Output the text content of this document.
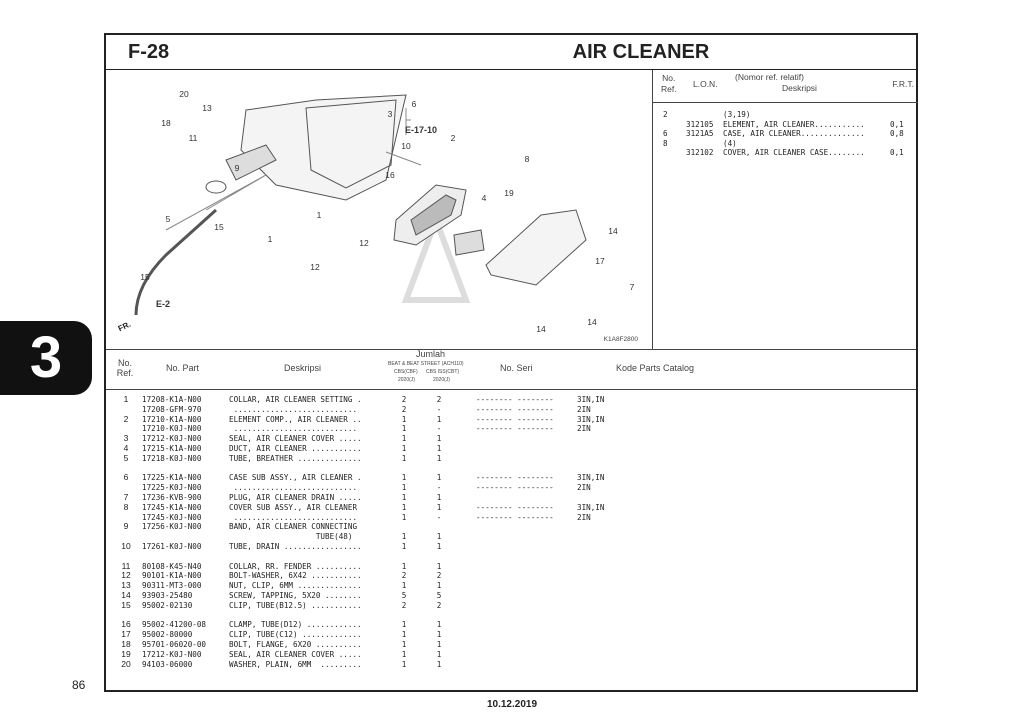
3
86
10.12.2019
F-28	AIR CLEANER
20
13
18
11
6
3
E-17-10
2
10
9
16
8
19
4
1
5
15
1	12
14
12
17
7
15
E-2
14
14
FR.
K1A8F2800
No.
Ref. L.O.N.
(Nomor ref. relatif)
Deskripsi	F.R.T.
2	(3,19)
312105 ELEMENT, AIR CLEANER...........	0,1
6 3121A5 CASE, AIR CLEANER..............	0,8
8	(4)
312102 COVER, AIR CLEANER CASE........	0,1
No. Ref.	No. Part	Deskripsi
Jumlah
BEAT & BEAT STREET (ACH110)
CBS(CBF) CBS ISS(CBT)
2020(J)	2020(J)
No. Seri	Kode Parts Catalog
1	17208-K1A-N00	COLLAR, AIR CLEANER SETTING .	2	2	-------- --------	3IN,IN
17208-GFM-970	...........................	2	-	-------- --------	2IN
2	17210-K1A-N00	ELEMENT COMP., AIR CLEANER ..	1	1	-------- --------	3IN,IN
17210-K0J-N00	...........................	1	-	-------- --------	2IN
3	17212-K0J-N00	SEAL, AIR CLEANER COVER .....	1	1
4	17215-K1A-N00	DUCT, AIR CLEANER ...........	1	1
5	17218-K0J-N00	TUBE, BREATHER ..............	1	1
6	17225-K1A-N00	CASE SUB ASSY., AIR CLEANER .	1	1	-------- --------	3IN,IN
17225-K0J-N00	...........................	1	-	-------- --------	2IN
7	17236-KVB-900	PLUG, AIR CLEANER DRAIN .....	1	1
8	17245-K1A-N00	COVER SUB ASSY., AIR CLEANER	1	1	-------- --------	3IN,IN
17245-K0J-N00	...........................	1	-	-------- --------	2IN
9	17256-K0J-N00	BAND, AIR CLEANER CONNECTING
TUBE(48)	1	1
10 17261-K0J-N00	TUBE, DRAIN .................	1	1
11 80108-K45-N40	COLLAR, RR. FENDER ..........	1	1
12 90101-K1A-N00	BOLT-WASHER, 6X42 ...........	2	2
13 90311-MT3-000	NUT, CLIP, 6MM ..............	1	1
14 93903-25480	SCREW, TAPPING, 5X20 ........	5	5
15 95002-02130	CLIP, TUBE(B12.5) ...........	2	2
16 95002-41200-08	CLAMP, TUBE(D12) ............	1	1
17 95002-80000	CLIP, TUBE(C12) .............	1	1
18 95701-06020-00	BOLT, FLANGE, 6X20 ..........	1	1
19 17212-K0J-N00	SEAL, AIR CLEANER COVER .....	1	1
20 94103-06000	WASHER, PLAIN, 6MM  .........	1	1
